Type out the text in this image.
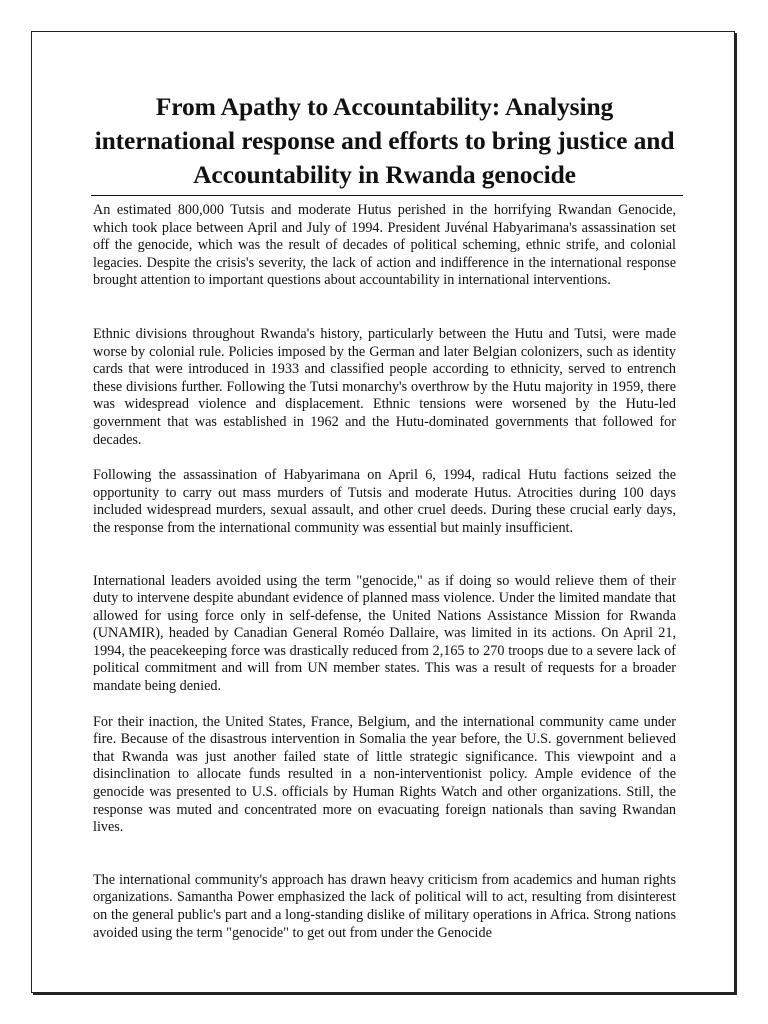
From Apathy to Accountability: Analysing international response and efforts to bring justice and Accountability in Rwanda genocide

An estimated 800,000 Tutsis and moderate Hutus perished in the horrifying Rwandan Genocide, which took place between April and July of 1994. President Juvénal Habyarimana's assassination set off the genocide, which was the result of decades of political scheming, ethnic strife, and colonial legacies. Despite the crisis's severity, the lack of action and indifference in the international response brought attention to important questions about accountability in international interventions.

Ethnic divisions throughout Rwanda's history, particularly between the Hutu and Tutsi, were made worse by colonial rule. Policies imposed by the German and later Belgian colonizers, such as identity cards that were introduced in 1933 and classified people according to ethnicity, served to entrench these divisions further. Following the Tutsi monarchy's overthrow by the Hutu majority in 1959, there was widespread violence and displacement. Ethnic tensions were worsened by the Hutu-led government that was established in 1962 and the Hutu-dominated governments that followed for decades.

Following the assassination of Habyarimana on April 6, 1994, radical Hutu factions seized the opportunity to carry out mass murders of Tutsis and moderate Hutus. Atrocities during 100 days included widespread murders, sexual assault, and other cruel deeds. During these crucial early days, the response from the international community was essential but mainly insufficient.

International leaders avoided using the term "genocide," as if doing so would relieve them of their duty to intervene despite abundant evidence of planned mass violence. Under the limited mandate that allowed for using force only in self-defense, the United Nations Assistance Mission for Rwanda (UNAMIR), headed by Canadian General Roméo Dallaire, was limited in its actions. On April 21, 1994, the peacekeeping force was drastically reduced from 2,165 to 270 troops due to a severe lack of political commitment and will from UN member states. This was a result of requests for a broader mandate being denied.

For their inaction, the United States, France, Belgium, and the international community came under fire. Because of the disastrous intervention in Somalia the year before, the U.S. government believed that Rwanda was just another failed state of little strategic significance. This viewpoint and a disinclination to allocate funds resulted in a non-interventionist policy. Ample evidence of the genocide was presented to U.S. officials by Human Rights Watch and other organizations. Still, the response was muted and concentrated more on evacuating foreign nationals than saving Rwandan lives.

The international community's approach has drawn heavy criticism from academics and human rights organizations. Samantha Power emphasized the lack of political will to act, resulting from disinterest on the general public's part and a long-standing dislike of military operations in Africa. Strong nations avoided using the term "genocide" to get out from under the Genocide
